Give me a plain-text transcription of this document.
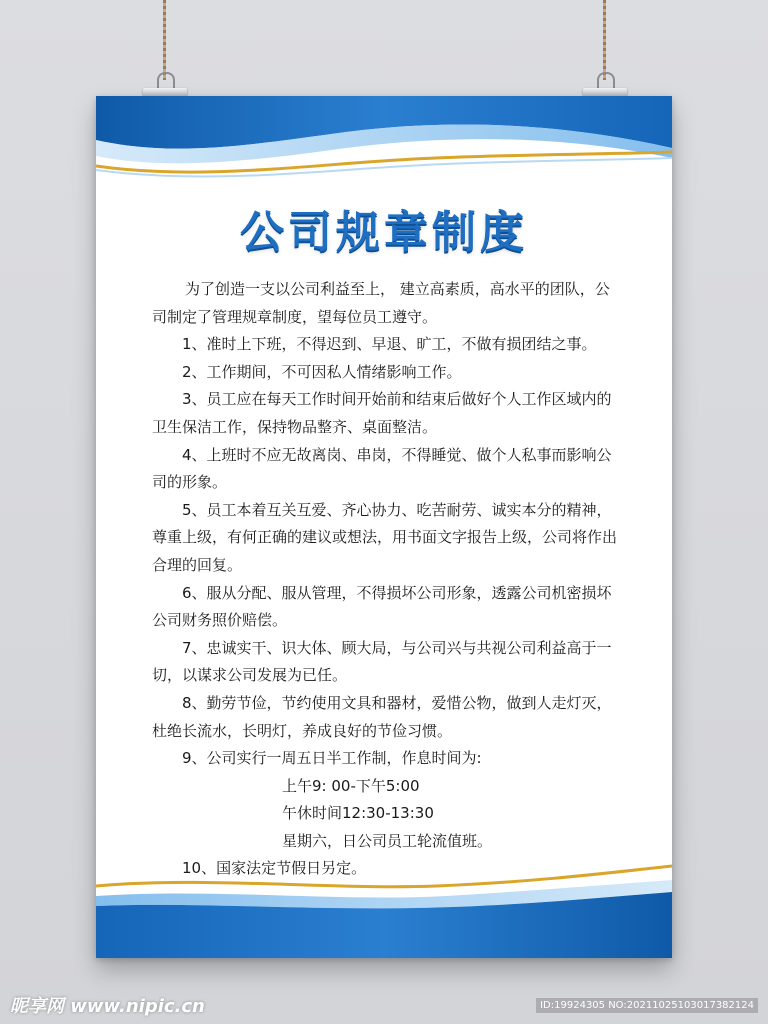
公司规章制度

为了创造一支以公司利益至上， 建立高素质，高水平的团队，公司制定了管理规章制度，望每位员工遵守。

1、准时上下班，不得迟到、早退、旷工，不做有损团结之事。

2、工作期间，不可因私人情绪影响工作。

3、员工应在每天工作时间开始前和结束后做好个人工作区域内的卫生保洁工作，保持物品整齐、桌面整洁。

4、上班时不应无故离岗、串岗，不得睡觉、做个人私事而影响公司的形象。

5、员工本着互关互爱、齐心协力、吃苦耐劳、诚实本分的精神，尊重上级，有何正确的建议或想法，用书面文字报告上级，公司将作出合理的回复。

6、服从分配、服从管理，不得损坏公司形象，透露公司机密损坏公司财务照价赔偿。

7、忠诚实干、识大体、顾大局，与公司兴与共视公司利益高于一切，以谋求公司发展为已任。

8、勤劳节俭，节约使用文具和器材，爱惜公物，做到人走灯灭，杜绝长流水，长明灯，养成良好的节俭习惯。

9、公司实行一周五日半工作制，作息时间为:

上午9: 00-下午5:00

午休时间12:30-13:30

星期六，日公司员工轮流值班。

10、国家法定节假日另定。

昵享网 www.nipic.cn	ID:19924305 NO:20211025103017382124
